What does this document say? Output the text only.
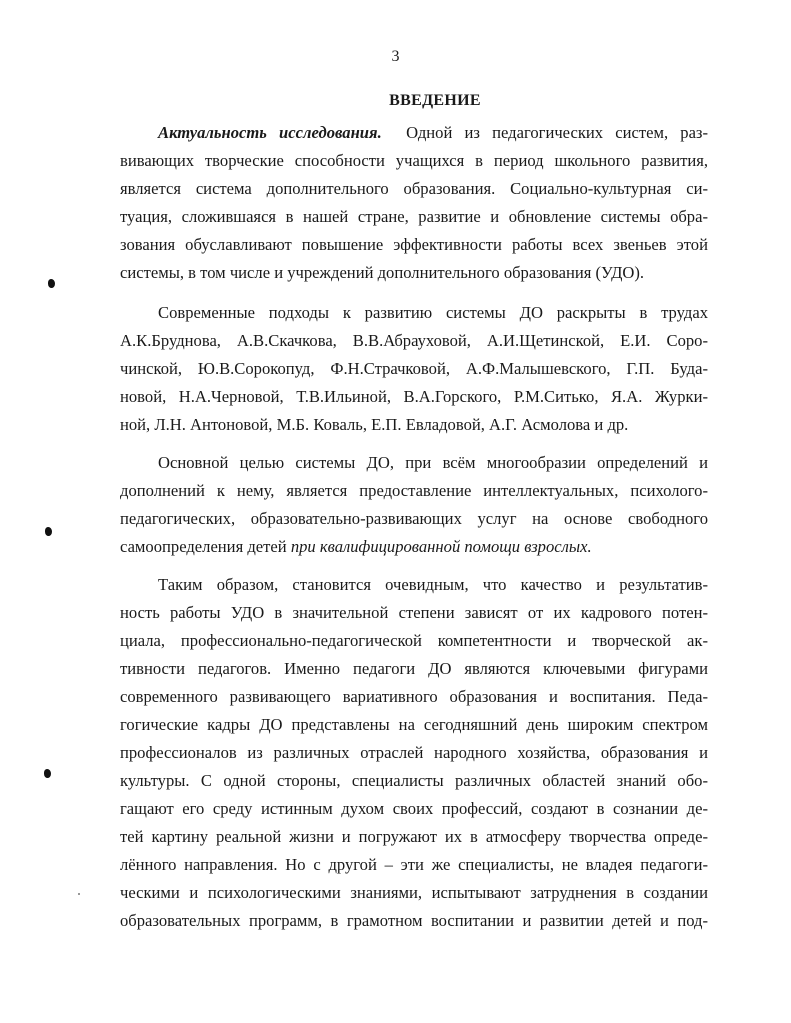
3
ВВЕДЕНИЕ
Актуальность исследования. Одной из педагогических систем, раз-
вивающих творческие способности учащихся в период школьного развития,
является система дополнительного образования. Социально-культурная си-
туация, сложившаяся в нашей стране, развитие и обновление системы обра-
зования обуславливают повышение эффективности работы всех звеньев этой
системы, в том числе и учреждений дополнительного образования (УДО).
Современные подходы к развитию системы ДО раскрыты в трудах
А.К.Бруднова, А.В.Скачкова, В.В.Абрауховой, А.И.Щетинской, Е.И. Соро-
чинской, Ю.В.Сорокопуд, Ф.Н.Страчковой, А.Ф.Малышевского, Г.П. Буда-
новой, Н.А.Черновой, Т.В.Ильиной, В.А.Горского, Р.М.Ситько, Я.А. Журки-
ной, Л.Н. Антоновой, М.Б. Коваль, Е.П. Евладовой, А.Г. Асмолова и др.
Основной целью системы ДО, при всём многообразии определений и
дополнений к нему, является предоставление интеллектуальных, психолого-
педагогических, образовательно-развивающих услуг на основе свободного
самоопределения детей при квалифицированной помощи взрослых.
Таким образом, становится очевидным, что качество и результатив-
ность работы УДО в значительной степени зависят от их кадрового потен-
циала, профессионально-педагогической компетентности и творческой ак-
тивности педагогов. Именно педагоги ДО являются ключевыми фигурами
современного развивающего вариативного образования и воспитания. Педа-
гогические кадры ДО представлены на сегодняшний день широким спектром
профессионалов из различных отраслей народного хозяйства, образования и
культуры. С одной стороны, специалисты различных областей знаний обо-
гащают его среду истинным духом своих профессий, создают в сознании де-
тей картину реальной жизни и погружают их в атмосферу творчества опреде-
лённого направления. Но с другой – эти же специалисты, не владея педагоги-
ческими и психологическими знаниями, испытывают затруднения в создании
образовательных программ, в грамотном воспитании и развитии детей и под-
